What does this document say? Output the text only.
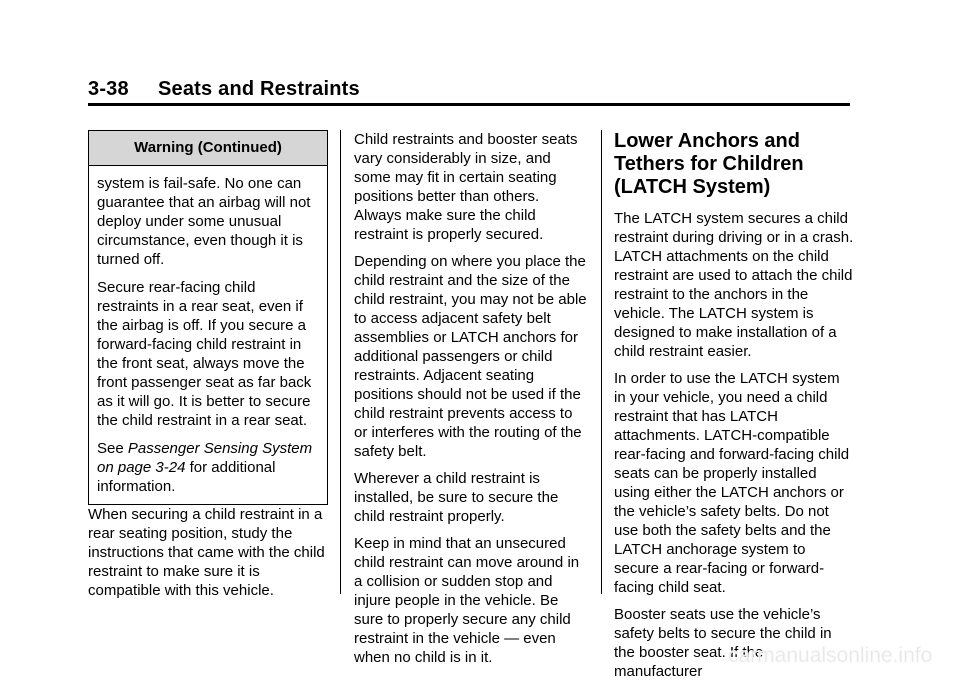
3-38 Seats and Restraints
Warning (Continued)

system is fail-safe. No one can guarantee that an airbag will not deploy under some unusual circumstance, even though it is turned off.

Secure rear-facing child restraints in a rear seat, even if the airbag is off. If you secure a forward-facing child restraint in the front seat, always move the front passenger seat as far back as it will go. It is better to secure the child restraint in a rear seat.

See Passenger Sensing System on page 3-24 for additional information.

When securing a child restraint in a rear seating position, study the instructions that came with the child restraint to make sure it is compatible with this vehicle.

Child restraints and booster seats vary considerably in size, and some may fit in certain seating positions better than others. Always make sure the child restraint is properly secured.

Depending on where you place the child restraint and the size of the child restraint, you may not be able to access adjacent safety belt assemblies or LATCH anchors for additional passengers or child restraints. Adjacent seating positions should not be used if the child restraint prevents access to or interferes with the routing of the safety belt.

Wherever a child restraint is installed, be sure to secure the child restraint properly.

Keep in mind that an unsecured child restraint can move around in a collision or sudden stop and injure people in the vehicle. Be sure to properly secure any child restraint in the vehicle — even when no child is in it.

Lower Anchors and Tethers for Children (LATCH System)

The LATCH system secures a child restraint during driving or in a crash. LATCH attachments on the child restraint are used to attach the child restraint to the anchors in the vehicle. The LATCH system is designed to make installation of a child restraint easier.

In order to use the LATCH system in your vehicle, you need a child restraint that has LATCH attachments. LATCH-compatible rear-facing and forward-facing child seats can be properly installed using either the LATCH anchors or the vehicle’s safety belts. Do not use both the safety belts and the LATCH anchorage system to secure a rear-facing or forward-facing child seat.

Booster seats use the vehicle’s safety belts to secure the child in the booster seat. If the manufacturer

carmanualsonline.info
